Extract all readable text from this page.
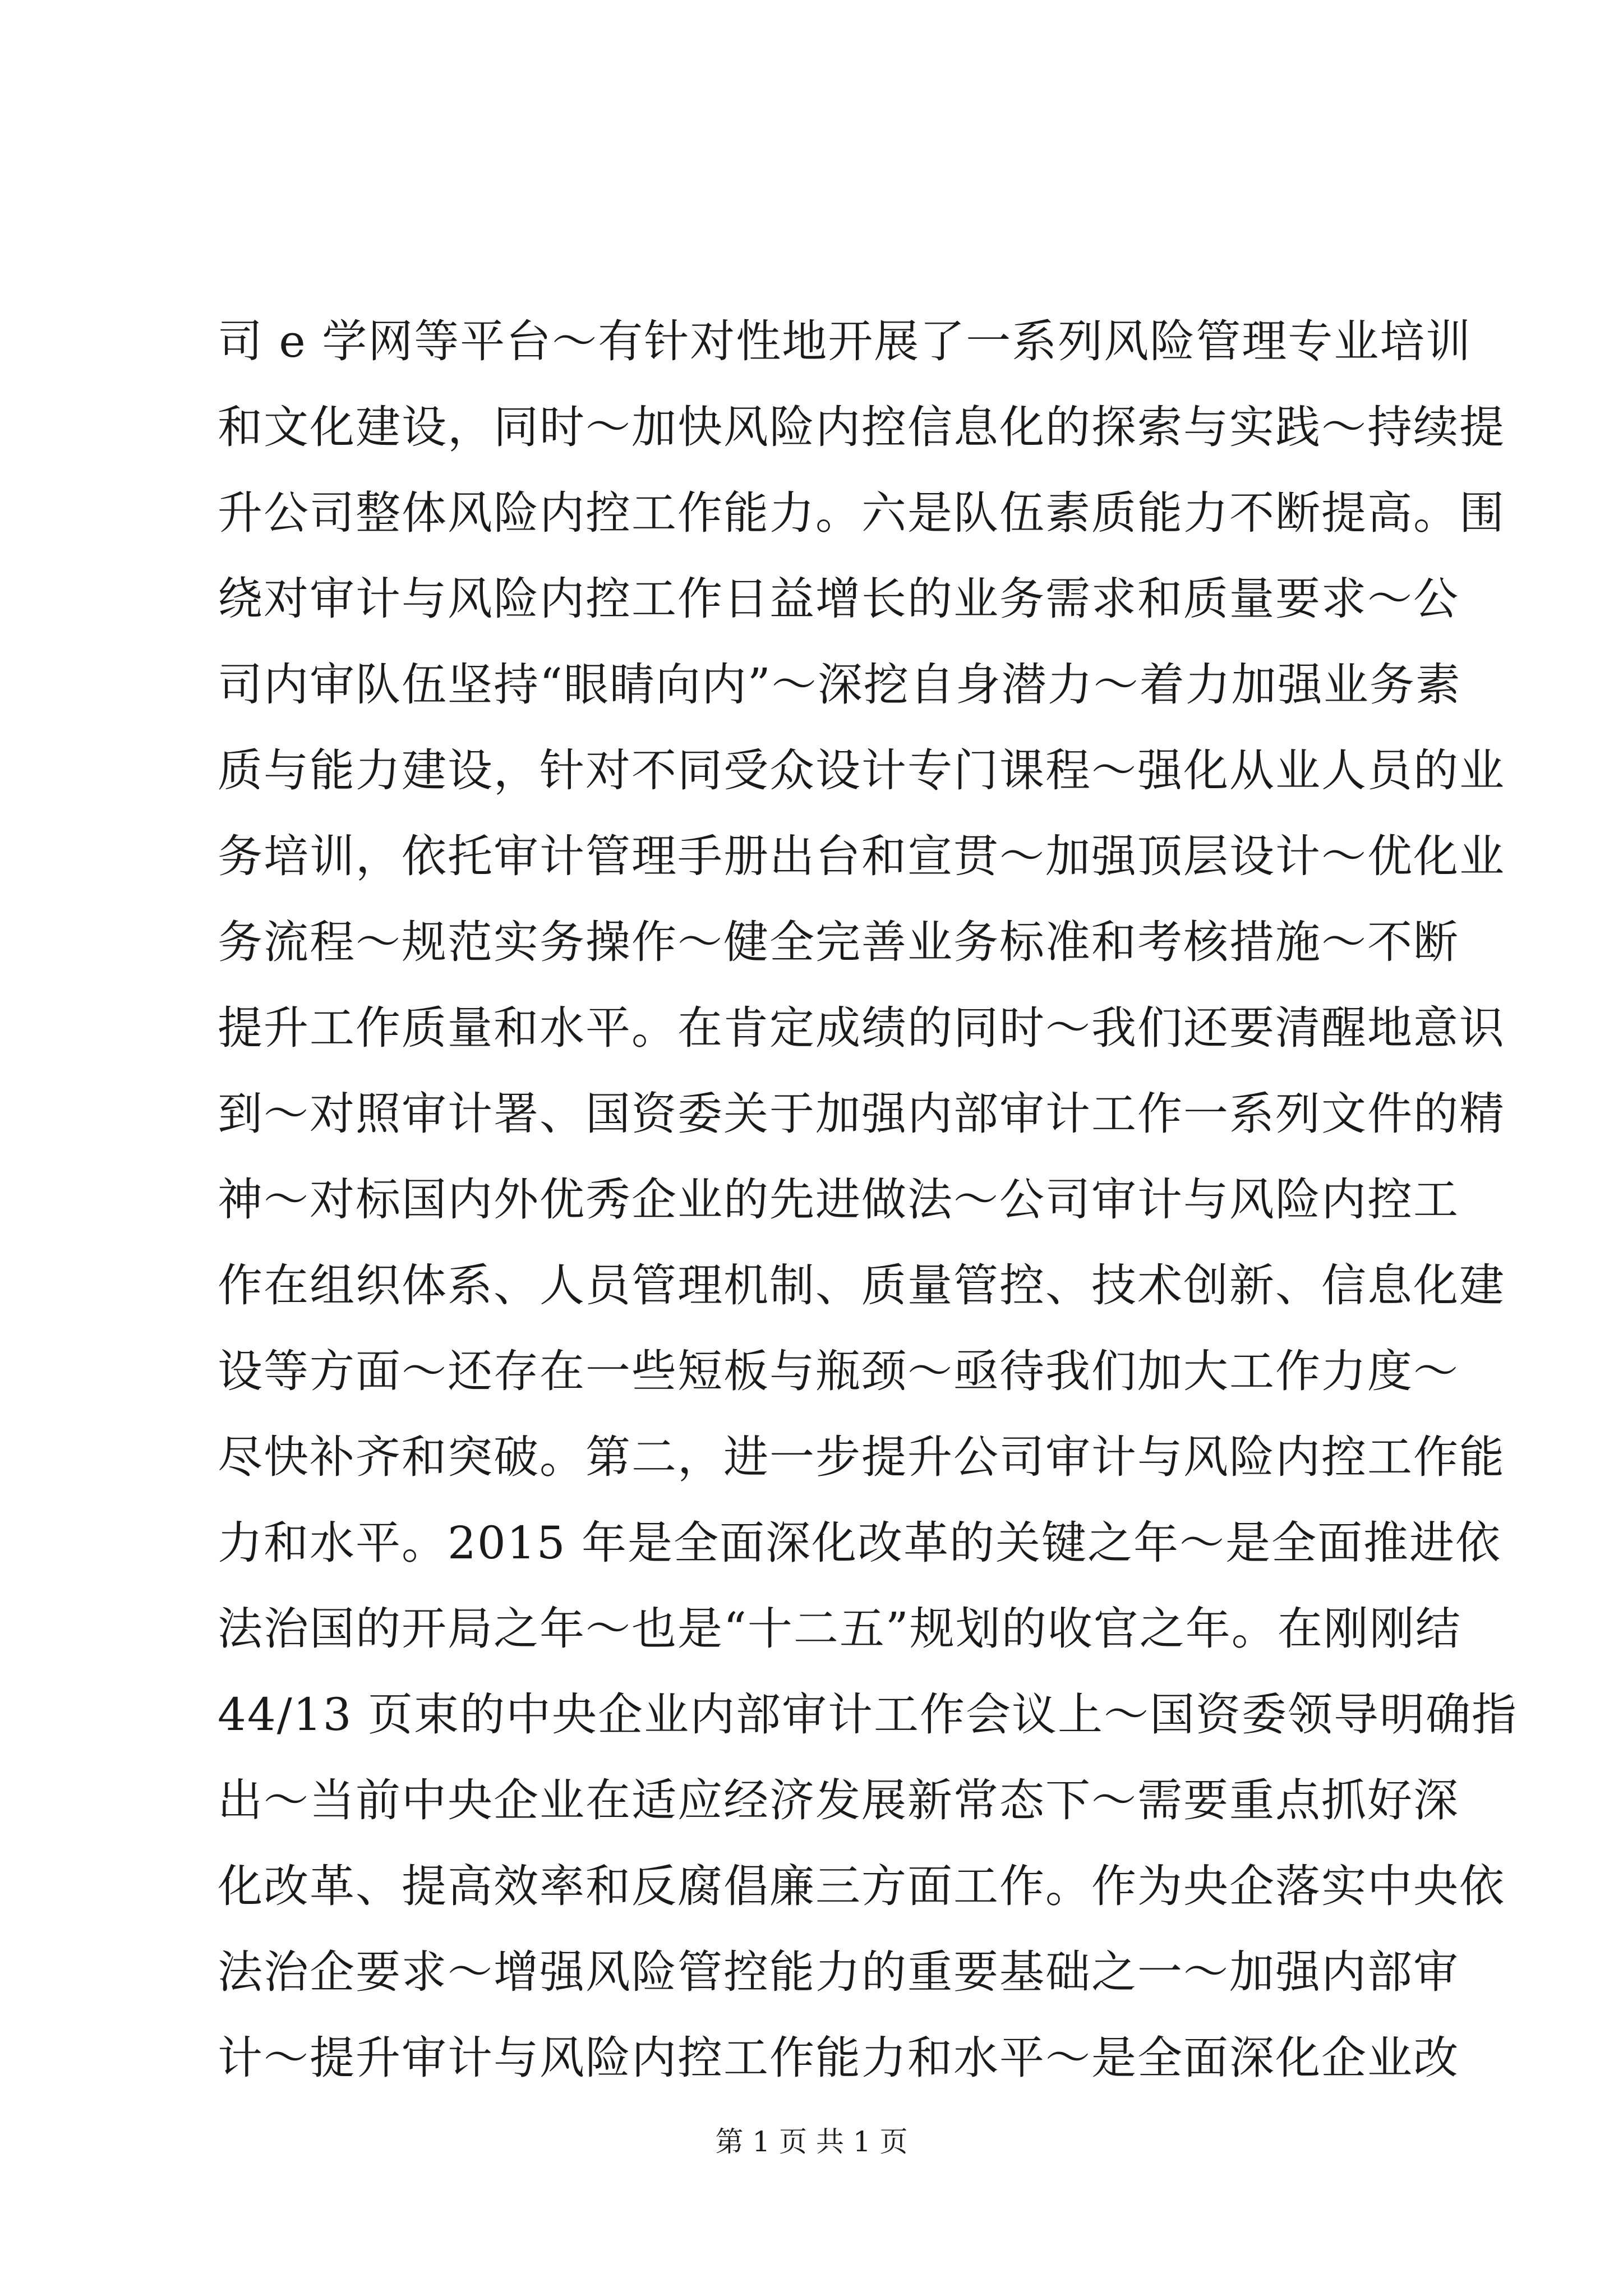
司 e 学网等平台～有针对性地开展了一系列风险管理专业培训
和文化建设，同时～加快风险内控信息化的探索与实践～持续提
升公司整体风险内控工作能力。六是队伍素质能力不断提高。围
绕对审计与风险内控工作日益增长的业务需求和质量要求～公
司内审队伍坚持“眼睛向内”～深挖自身潜力～着力加强业务素
质与能力建设，针对不同受众设计专门课程～强化从业人员的业
务培训，依托审计管理手册出台和宣贯～加强顶层设计～优化业
务流程～规范实务操作～健全完善业务标准和考核措施～不断
提升工作质量和水平。在肯定成绩的同时～我们还要清醒地意识
到～对照审计署、国资委关于加强内部审计工作一系列文件的精
神～对标国内外优秀企业的先进做法～公司审计与风险内控工
作在组织体系、人员管理机制、质量管控、技术创新、信息化建
设等方面～还存在一些短板与瓶颈～亟待我们加大工作力度～
尽快补齐和突破。第二，进一步提升公司审计与风险内控工作能
力和水平。2015 年是全面深化改革的关键之年～是全面推进依
法治国的开局之年～也是“十二五”规划的收官之年。在刚刚结
44/13 页束的中央企业内部审计工作会议上～国资委领导明确指
出～当前中央企业在适应经济发展新常态下～需要重点抓好深
化改革、提高效率和反腐倡廉三方面工作。作为央企落实中央依
法治企要求～增强风险管控能力的重要基础之一～加强内部审
计～提升审计与风险内控工作能力和水平～是全面深化企业改
第 1 页 共 1 页
